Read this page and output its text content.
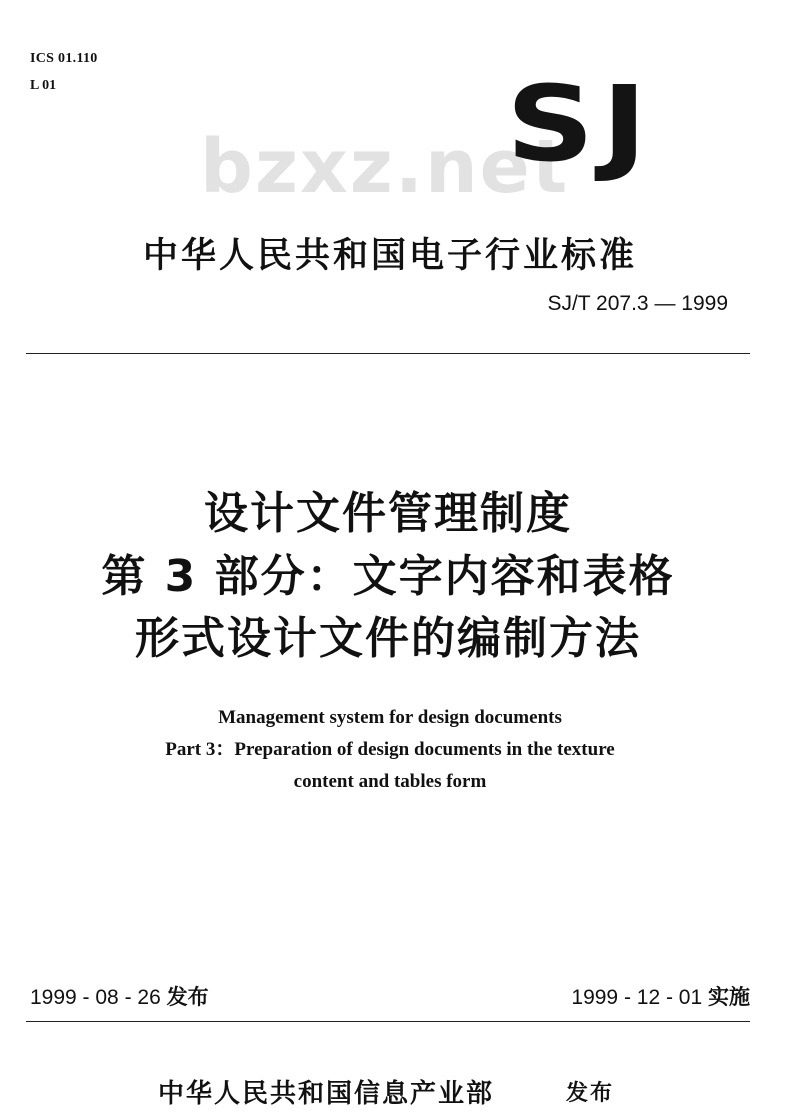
ICS 01.110
L 01
bzxz.net
SJ
中华人民共和国电子行业标准
SJ/T 207.3 — 1999
设计文件管理制度
第 3 部分：文字内容和表格
形式设计文件的编制方法
Management system for design documents
Part 3：Preparation of design documents in the texture
content and tables form
1999 - 08 - 26 发布	1999 - 12 - 01 实施
中华人民共和国信息产业部	发布
